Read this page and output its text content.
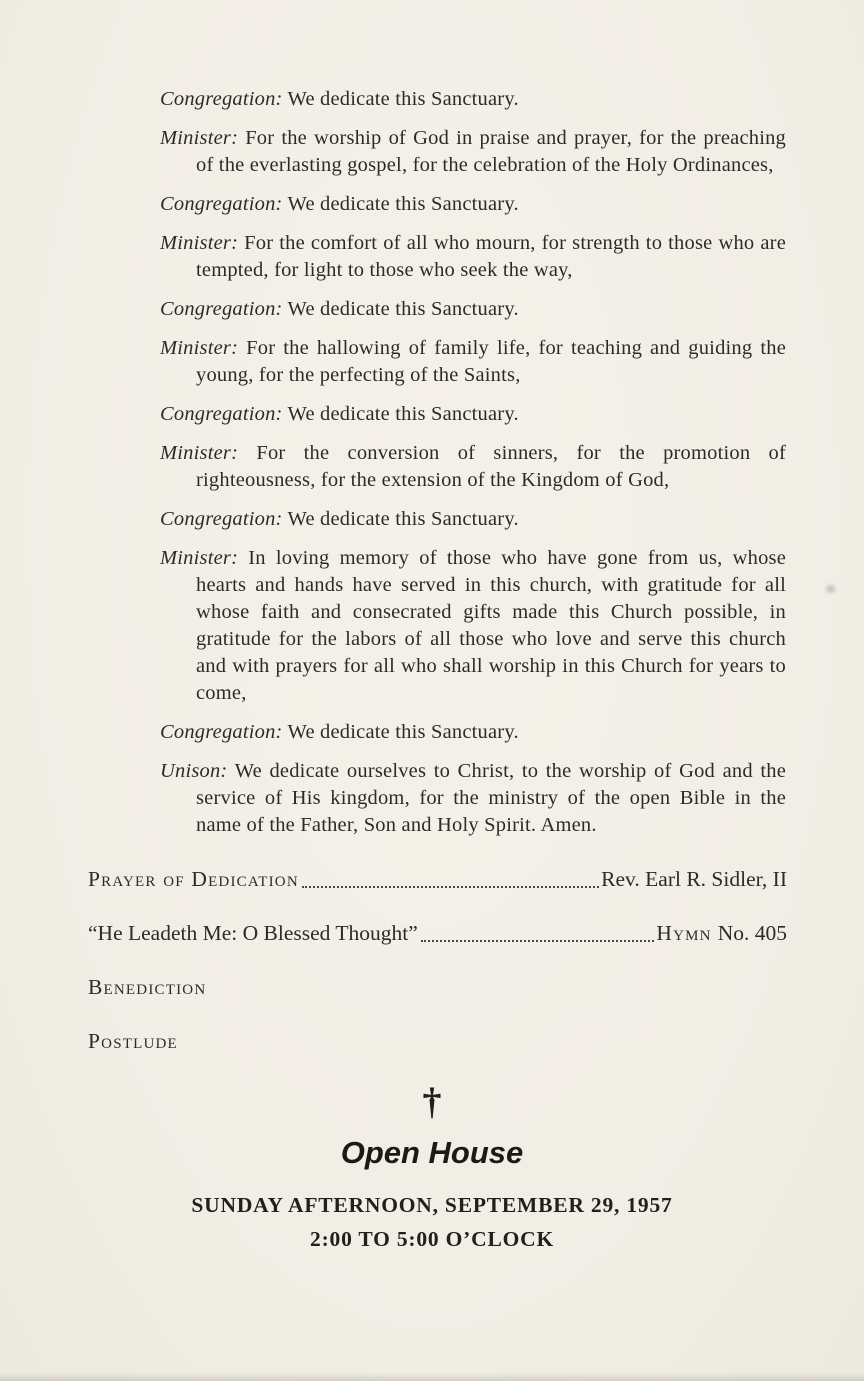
Congregation: We dedicate this Sanctuary.

Minister: For the worship of God in praise and prayer, for the preaching of the everlasting gospel, for the celebration of the Holy Ordinances,

Congregation: We dedicate this Sanctuary.

Minister: For the comfort of all who mourn, for strength to those who are tempted, for light to those who seek the way,

Congregation: We dedicate this Sanctuary.

Minister: For the hallowing of family life, for teaching and guiding the young, for the perfecting of the Saints,

Congregation: We dedicate this Sanctuary.

Minister: For the conversion of sinners, for the promotion of righteousness, for the extension of the Kingdom of God,

Congregation: We dedicate this Sanctuary.

Minister: In loving memory of those who have gone from us, whose hearts and hands have served in this church, with gratitude for all whose faith and consecrated gifts made this Church possible, in gratitude for the labors of all those who love and serve this church and with prayers for all who shall worship in this Church for years to come,

Congregation: We dedicate this Sanctuary.

Unison: We dedicate ourselves to Christ, to the worship of God and the service of His kingdom, for the ministry of the open Bible in the name of the Father, Son and Holy Spirit. Amen.

Prayer of Dedication	Rev. Earl R. Sidler, II
“He Leadeth Me: O Blessed Thought”	Hymn No. 405
Benediction
Postlude
†
Open House
SUNDAY AFTERNOON, SEPTEMBER 29, 1957
2:00 TO 5:00 O’CLOCK
